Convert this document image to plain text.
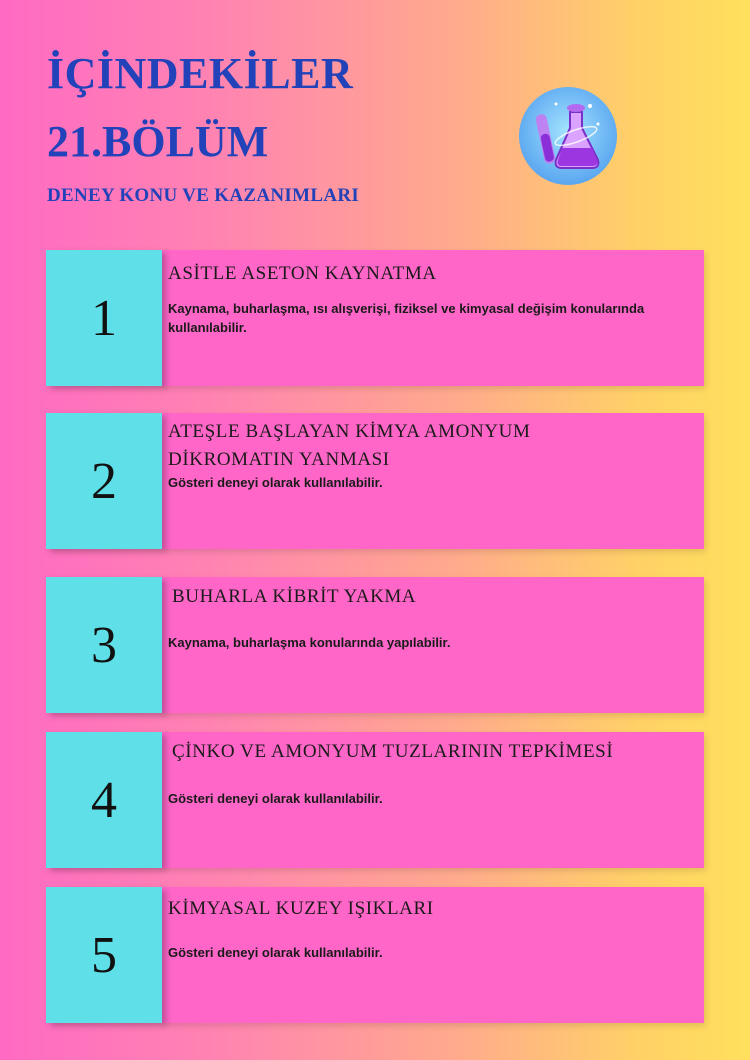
İÇİNDEKİLER
21.BÖLÜM
DENEY KONU VE KAZANIMLARI
1

ASİTLE ASETON KAYNATMA

Kaynama, buharlaşma, ısı alışverişi, fiziksel ve kimyasal değişim konularında kullanılabilir.

2

ATEŞLE BAŞLAYAN KİMYA AMONYUM DİKROMATIN YANMASI

Gösteri deneyi olarak kullanılabilir.

3

BUHARLA KİBRİT YAKMA

Kaynama, buharlaşma konularında yapılabilir.

4

ÇİNKO VE AMONYUM TUZLARININ TEPKİMESİ

Gösteri deneyi olarak kullanılabilir.

5

KİMYASAL KUZEY IŞIKLARI

Gösteri deneyi olarak kullanılabilir.
